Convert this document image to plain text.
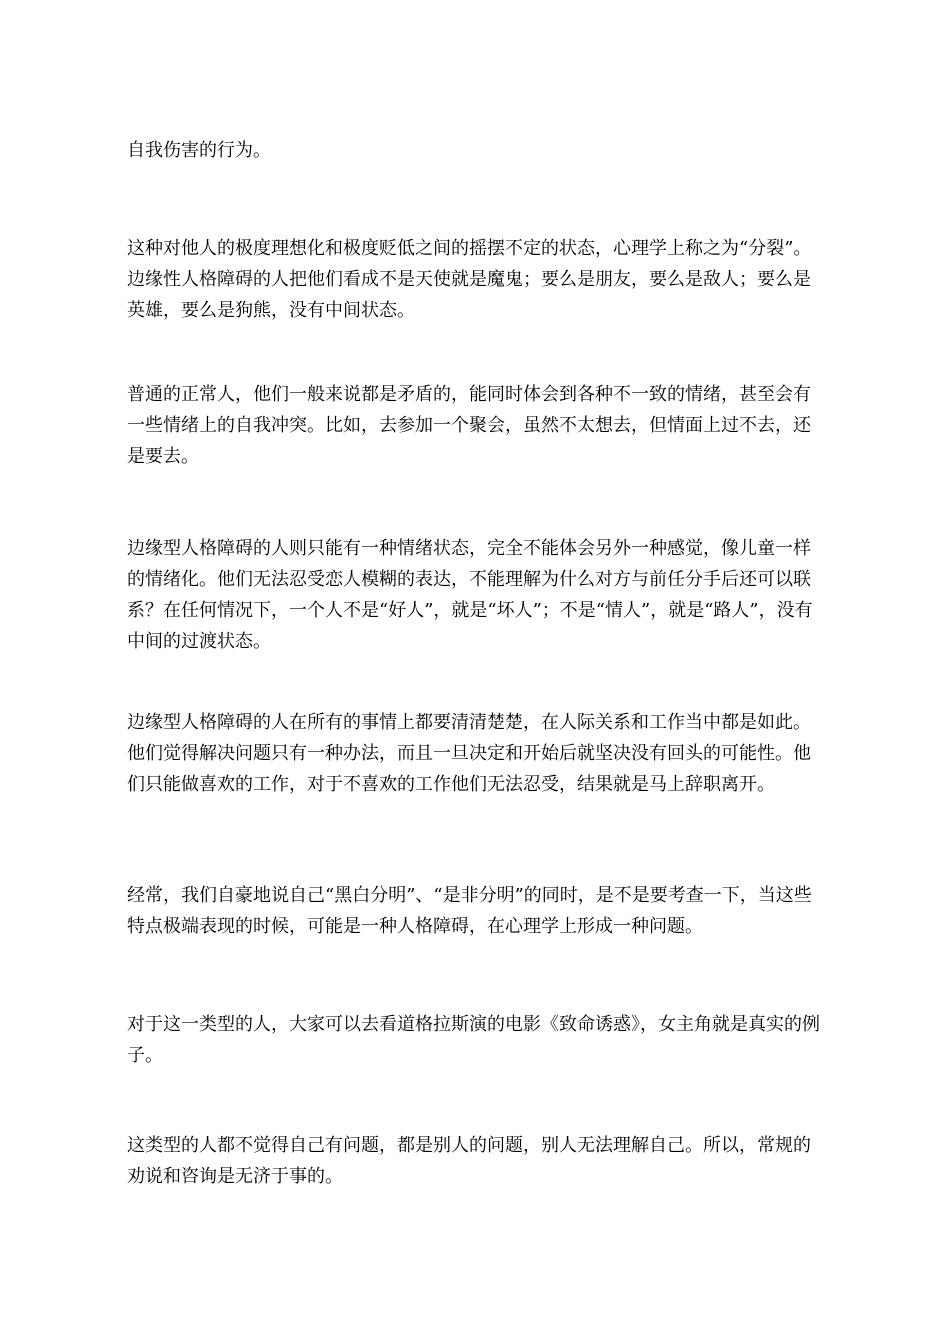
自我伤害的行为。

这种对他人的极度理想化和极度贬低之间的摇摆不定的状态，心理学上称之为“分裂”。边缘性人格障碍的人把他们看成不是天使就是魔鬼；要么是朋友，要么是敌人；要么是英雄，要么是狗熊，没有中间状态。

普通的正常人，他们一般来说都是矛盾的，能同时体会到各种不一致的情绪，甚至会有一些情绪上的自我冲突。比如，去参加一个聚会，虽然不太想去，但情面上过不去，还是要去。

边缘型人格障碍的人则只能有一种情绪状态，完全不能体会另外一种感觉，像儿童一样的情绪化。他们无法忍受恋人模糊的表达，不能理解为什么对方与前任分手后还可以联系？在任何情况下，一个人不是“好人”，就是“坏人”；不是“情人”，就是“路人”，没有中间的过渡状态。

边缘型人格障碍的人在所有的事情上都要清清楚楚，在人际关系和工作当中都是如此。他们觉得解决问题只有一种办法，而且一旦决定和开始后就坚决没有回头的可能性。他们只能做喜欢的工作，对于不喜欢的工作他们无法忍受，结果就是马上辞职离开。

经常，我们自豪地说自己“黑白分明”、“是非分明”的同时，是不是要考查一下，当这些特点极端表现的时候，可能是一种人格障碍，在心理学上形成一种问题。

对于这一类型的人，大家可以去看道格拉斯演的电影《致命诱惑》，女主角就是真实的例子。

这类型的人都不觉得自己有问题，都是别人的问题，别人无法理解自己。所以，常规的劝说和咨询是无济于事的。
